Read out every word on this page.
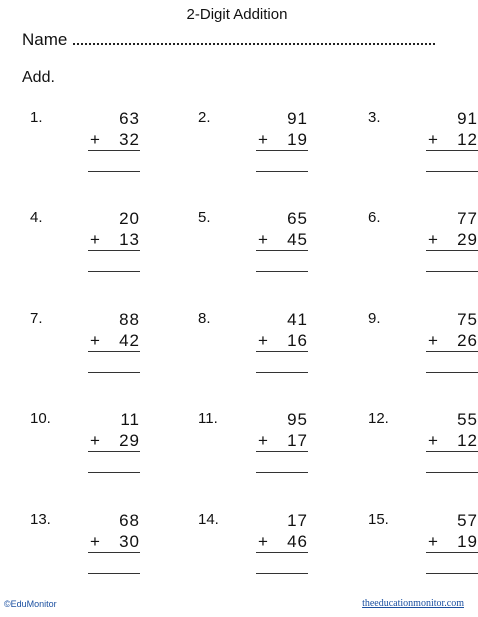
2-Digit Addition
Name
Add.
1.	63
+ 32
2.	91
+ 19
3.	91
+ 12
4.	20
+ 13
5.	65
+ 45
6.	77
+ 29
7.	88
+ 42
8.	41
+ 16
9.	75
+ 26
10.	11
+ 29
11.	95
+ 17
12.	55
+ 12
13.	68
+ 30
14.	17
+ 46
15.	57
+ 19
©EduMonitor	theeducationmonitor.com
